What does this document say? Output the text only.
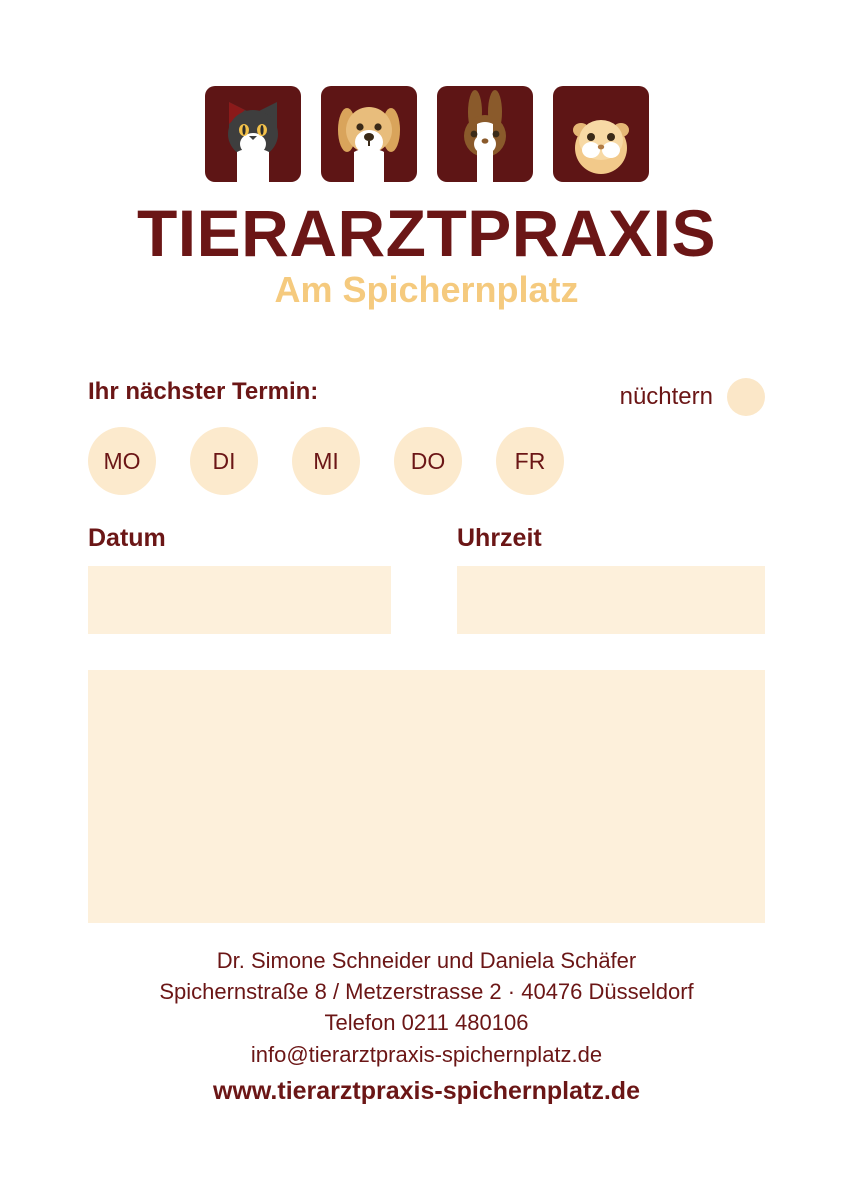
TIERARZTPRAXIS
Am Spichernplatz
Ihr nächster Termin:	nüchtern
MO	DI	MI	DO	FR
Datum	Uhrzeit
Dr. Simone Schneider und Daniela Schäfer
Spichernstraße 8 / Metzerstrasse 2 · 40476 Düsseldorf
Telefon 0211 480106
info@tierarztpraxis-spichernplatz.de
www.tierarztpraxis-spichernplatz.de
